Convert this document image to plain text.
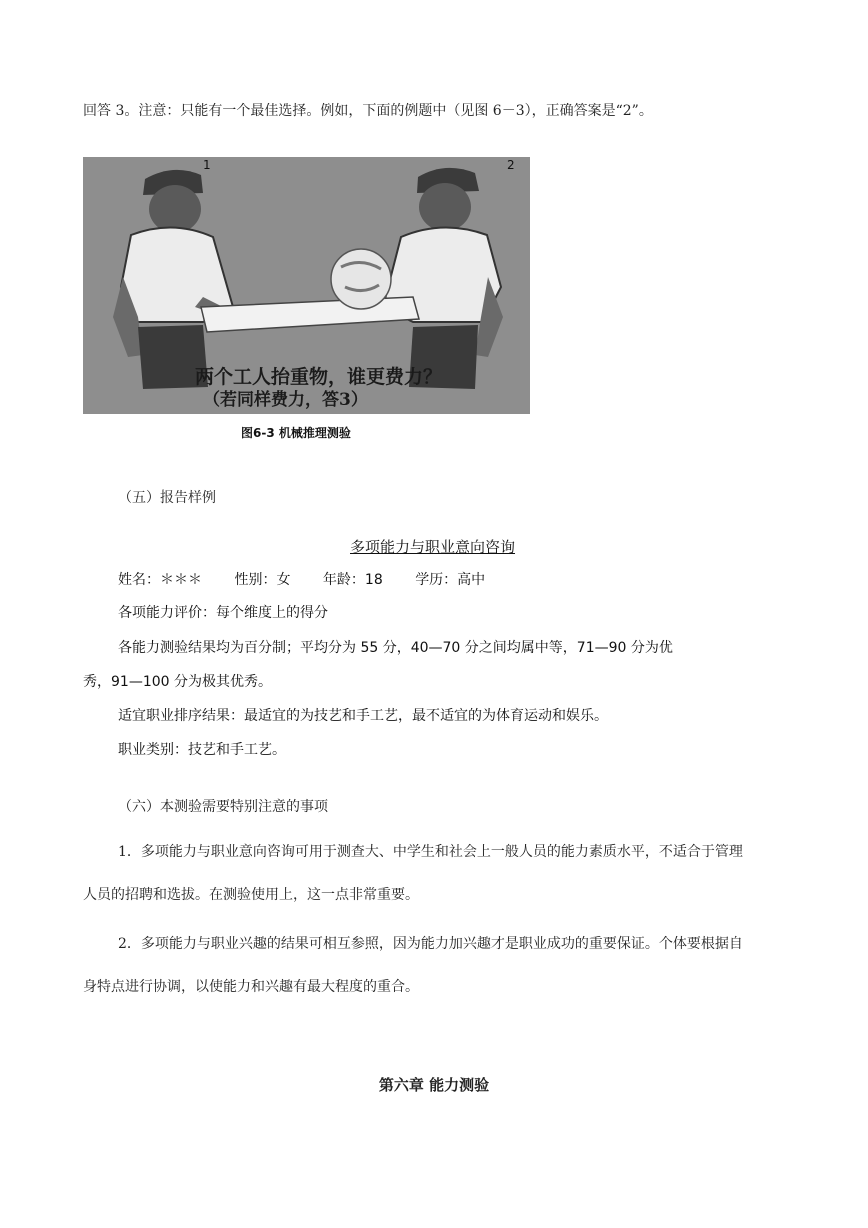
回答 3。注意：只能有一个最佳选择。例如，下面的例题中（见图 6－3），正确答案是“2”。
1	2
两个工人抬重物，谁更费力？
（若同样费力，答3）
图6-3 机械推理测验
（五）报告样例
多项能力与职业意向咨询
姓名：＊＊＊ 性别：女 年龄：18 学历：高中
各项能力评价：每个维度上的得分
各能力测验结果均为百分制；平均分为 55 分，40—70 分之间均属中等，71—90 分为优
秀，91—100 分为极其优秀。
适宜职业排序结果：最适宜的为技艺和手工艺，最不适宜的为体育运动和娱乐。
职业类别：技艺和手工艺。
（六）本测验需要特别注意的事项
1．多项能力与职业意向咨询可用于测查大、中学生和社会上一般人员的能力素质水平，不适合于管理
人员的招聘和选拔。在测验使用上，这一点非常重要。
2．多项能力与职业兴趣的结果可相互参照，因为能力加兴趣才是职业成功的重要保证。个体要根据自
身特点进行协调，以使能力和兴趣有最大程度的重合。
第六章 能力测验
